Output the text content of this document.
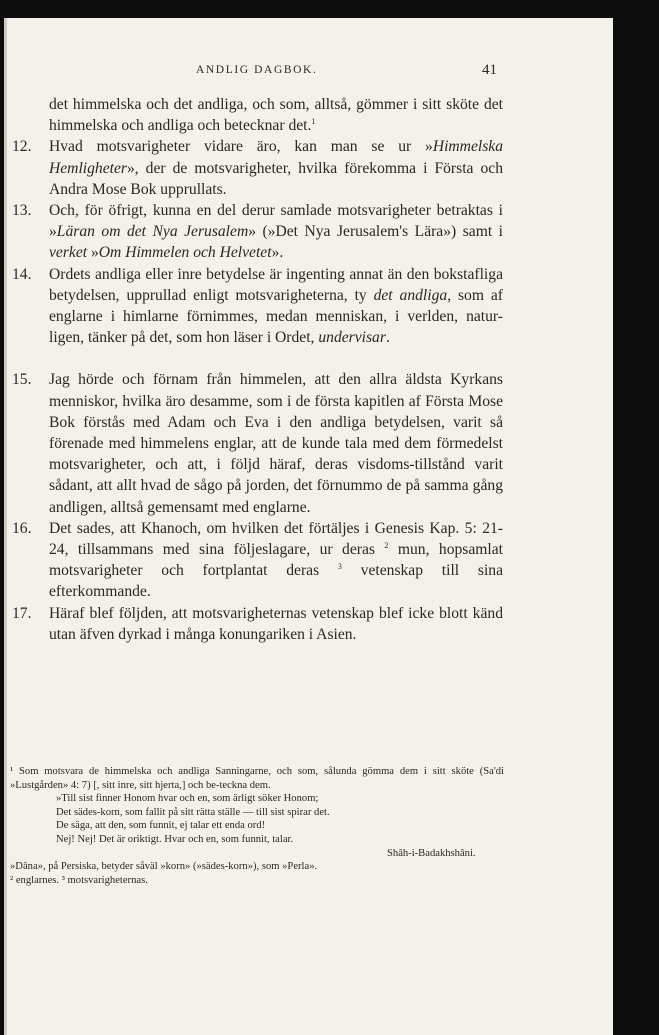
ANDLIG DAGBOK.	41
det himmelska och det andliga, och som, alltså, gömmer i sitt sköte det himmelska och andliga och betecknar det.$^1$
12. Hvad motsvarigheter vidare äro, kan man se ur »Himmelska Hemligheter», der de motsvarigheter, hvilka förekomma i Första och Andra Mose Bok upprullats.
13. Och, för öfrigt, kunna en del derur samlade motsvarigheter betraktas i »Läran om det Nya Jerusalem» (»Det Nya Jerusalem's Lära») samt i verket »Om Himmelen och Helvetet».
14. Ordets andliga eller inre betydelse är ingenting annat än den bokstafliga betydelsen, upprullad enligt motsvarigheterna, ty det andliga, som af englarne i himlarne förnimmes, medan menniskan, i verlden, natur-ligen, tänker på det, som hon läser i Ordet, undervisar.
15. Jag hörde och förnam från himmelen, att den allra äldsta Kyrkans menniskor, hvilka äro desamme, som i de första kapitlen af Första Mose Bok förstås med Adam och Eva i den andliga betydelsen, varit så förenade med himmelens englar, att de kunde tala med dem förmedelst motsvarigheter, och att, i följd häraf, deras visdoms-tillstånd varit sådant, att allt hvad de sågo på jorden, det förnummo de på samma gång andligen, alltså gemensamt med englarne.
16. Det sades, att Khanoch, om hvilken det förtäljes i Genesis Kap. 5: 21-24, tillsammans med sina följeslagare, ur deras $^2$ mun, hopsamlat motsvarigheter och fortplantat deras $^3$ vetenskap till sina efterkommande.
17. Häraf blef följden, att motsvarigheternas vetenskap blef icke blott känd utan äfven dyrkad i många konungariken i Asien.

¹ Som motsvara de himmelska och andliga Sanningarne, och som, sålunda gömma dem i sitt sköte (Sa'di »Lustgården» 4: 7) [, sitt inre, sitt hjerta,] och be-teckna dem.

»Till sist finner Honom hvar och en, som ärligt söker Honom;

Det sädes-korn, som fallit på sitt rätta ställe — till sist spirar det.

De säga, att den, som funnit, ej talar ett enda ord!

Nej! Nej! Det är oriktigt. Hvar och en, som funnit, talar.

Shâh-i-Badakhshâni.

»Dâna», på Persiska, betyder såväl »korn» (»sädes-korn»), som »Perla».

² englarnes. ³ motsvarigheternas.
